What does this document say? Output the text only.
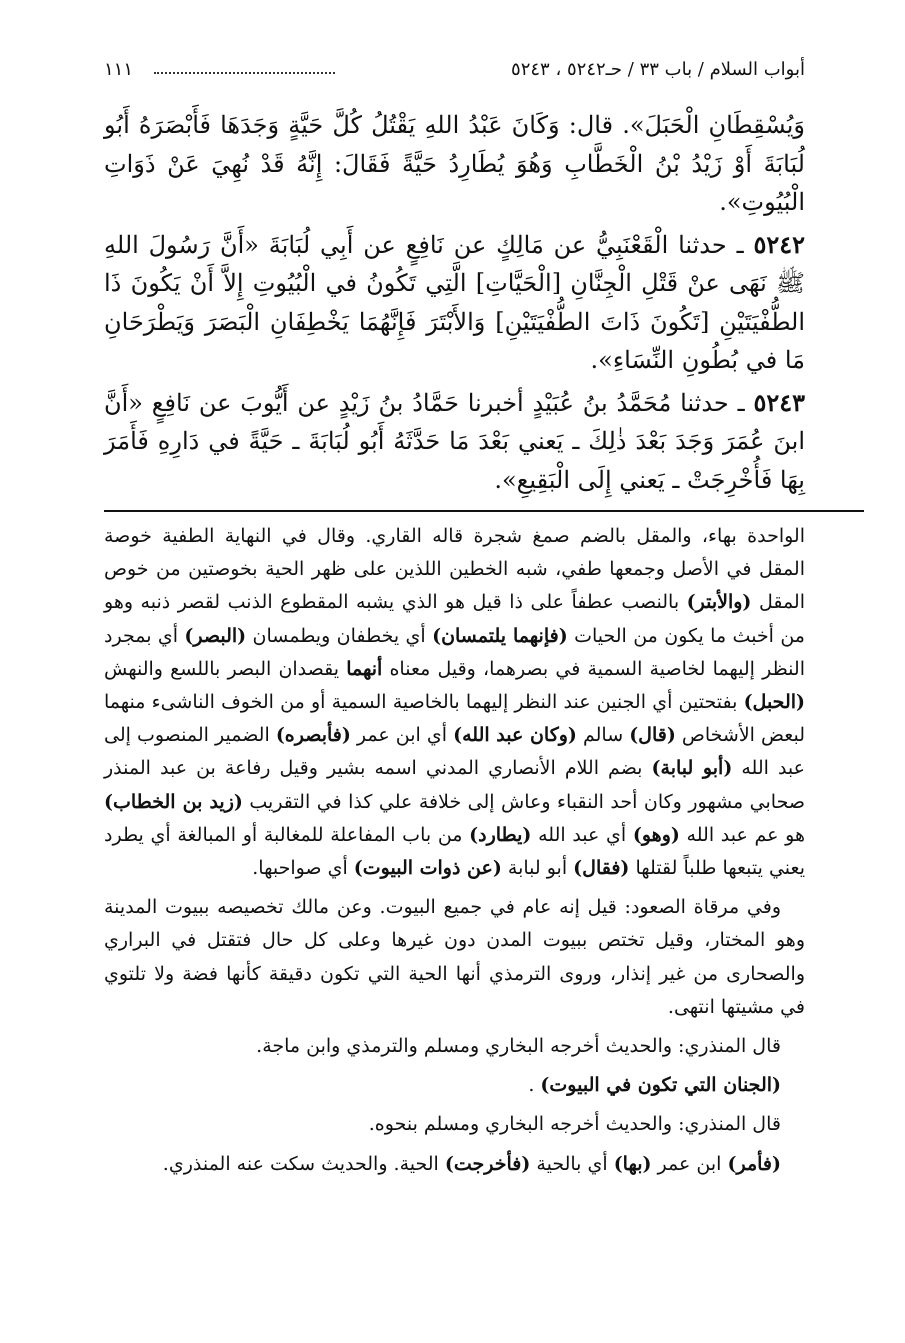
أبواب السلام / باب ٣٣ / حـ٥٢٤٢ ، ٥٢٤٣
١١١

وَيُسْقِطَانِ الْحَبَلَ». قال: وَكَانَ عَبْدُ اللهِ يَقْتُلُ كُلَّ حَيَّةٍ وَجَدَهَا فَأَبْصَرَهُ أَبُو لُبَابَةَ أَوْ زَيْدُ بْنُ الْخَطَّابِ وَهُوَ يُطَارِدُ حَيَّةً فَقَالَ: إِنَّهُ قَدْ نُهِيَ عَنْ ذَوَاتِ الْبُيُوتِ».

٥٢٤٢ ـ حدثنا الْقَعْنَبِيُّ عن مَالِكٍ عن نَافِعٍ عن أَبِي لُبَابَةَ «أَنَّ رَسُولَ اللهِ ﷺ نَهَى عنْ قَتْلِ الْجِنَّانِ [الْحَيَّاتِ] الَّتِي تَكُونُ في الْبُيُوتِ إِلاَّ أَنْ يَكُونَ ذَا الطُّفْيَتَيْنِ [تَكُونَ ذَاتَ الطُّفْيَتَيْنِ] وَالأَبْتَرَ فَإِنَّهُمَا يَخْطِفَانِ الْبَصَرَ وَيَطْرَحَانِ مَا في بُطُونِ النِّسَاءِ».

٥٢٤٣ ـ حدثنا مُحَمَّدُ بنُ عُبَيْدٍ أخبرنا حَمَّادُ بنُ زَيْدٍ عن أَيُّوبَ عن نَافِعٍ «أَنَّ ابنَ عُمَرَ وَجَدَ بَعْدَ ذٰلِكَ ـ يَعني بَعْدَ مَا حَدَّثَهُ أَبُو لُبَابَةَ ـ حَيَّةً في دَارِهِ فَأَمَرَ بِهَا فَأُخْرِجَتْ ـ يَعني إِلَى الْبَقِيعِ».

الواحدة بهاء، والمقل بالضم صمغ شجرة قاله القاري. وقال في النهاية الطفية خوصة المقل في الأصل وجمعها طفي، شبه الخطين اللذين على ظهر الحية بخوصتين من خوص المقل (والأبتر) بالنصب عطفاً على ذا قيل هو الذي يشبه المقطوع الذنب لقصر ذنبه وهو من أخبث ما يكون من الحيات (فإنهما يلتمسان) أي يخطفان ويطمسان (البصر) أي بمجرد النظر إليهما لخاصية السمية في بصرهما، وقيل معناه أنهما يقصدان البصر باللسع والنهش (الحبل) بفتحتين أي الجنين عند النظر إليهما بالخاصية السمية أو من الخوف الناشىء منهما لبعض الأشخاص (قال) سالم (وكان عبد الله) أي ابن عمر (فأبصره) الضمير المنصوب إلى عبد الله (أبو لبابة) بضم اللام الأنصاري المدني اسمه بشير وقيل رفاعة بن عبد المنذر صحابي مشهور وكان أحد النقباء وعاش إلى خلافة علي كذا في التقريب (زيد بن الخطاب) هو عم عبد الله (وهو) أي عبد الله (يطارد) من باب المفاعلة للمغالبة أو المبالغة أي يطرد يعني يتبعها طلباً لقتلها (فقال) أبو لبابة (عن ذوات البيوت) أي صواحبها.

وفي مرقاة الصعود: قيل إنه عام في جميع البيوت. وعن مالك تخصيصه ببيوت المدينة وهو المختار، وقيل تختص ببيوت المدن دون غيرها وعلى كل حال فتقتل في البراري والصحارى من غير إنذار، وروى الترمذي أنها الحية التي تكون دقيقة كأنها فضة ولا تلتوي في مشيتها انتهى.

قال المنذري: والحديث أخرجه البخاري ومسلم والترمذي وابن ماجة.

(الجنان التي تكون في البيوت) .

قال المنذري: والحديث أخرجه البخاري ومسلم بنحوه.

(فأمر) ابن عمر (بها) أي بالحية (فأخرجت) الحية. والحديث سكت عنه المنذري.
